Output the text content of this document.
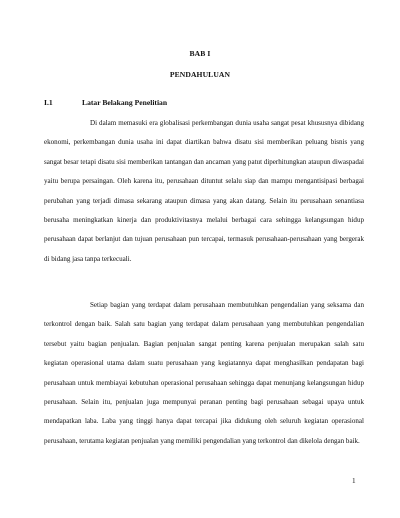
BAB I
PENDAHULUAN
I.1	Latar Belakang Penelitian

Di dalam memasuki era globalisasi perkembangan dunia usaha sangat pesat khususnya dibidang ekonomi, perkembangan dunia usaha ini dapat diartikan bahwa disatu sisi memberikan peluang bisnis yang sangat besar tetapi disatu sisi memberikan tantangan dan ancaman yang patut diperhitungkan ataupun diwaspadai yaitu berupa persaingan. Oleh karena itu, perusahaan dituntut selalu siap dan mampu mengantisipasi berbagai perubahan yang terjadi dimasa sekarang ataupun dimasa yang akan datang. Selain itu perusahaan senantiasa berusaha meningkatkan kinerja dan produktivitasnya melalui berbagai cara sehingga kelangsungan hidup perusahaan dapat berlanjut dan tujuan perusahaan pun tercapai, termasuk perusahaan-perusahaan yang bergerak di bidang jasa tanpa terkecuali.

Setiap bagian yang terdapat dalam perusahaan membutuhkan pengendalian yang seksama dan terkontrol dengan baik. Salah satu bagian yang terdapat dalam perusahaan yang membutuhkan pengendalian tersebut yaitu bagian penjualan. Bagian penjualan sangat penting karena penjualan merupakan salah satu kegiatan operasional utama dalam suatu perusahaan yang kegiatannya dapat menghasilkan pendapatan bagi perusahaan untuk membiayai kebutuhan operasional perusahaan sehingga dapat menunjang kelangsungan hidup perusahaan. Selain itu, penjualan juga mempunyai peranan penting bagi perusahaan sebagai upaya untuk mendapatkan laba. Laba yang tinggi hanya dapat tercapai jika didukung oleh seluruh kegiatan operasional perusahaan, terutama kegiatan penjualan yang memiliki pengendalian yang terkontrol dan dikelola dengan baik.

1
